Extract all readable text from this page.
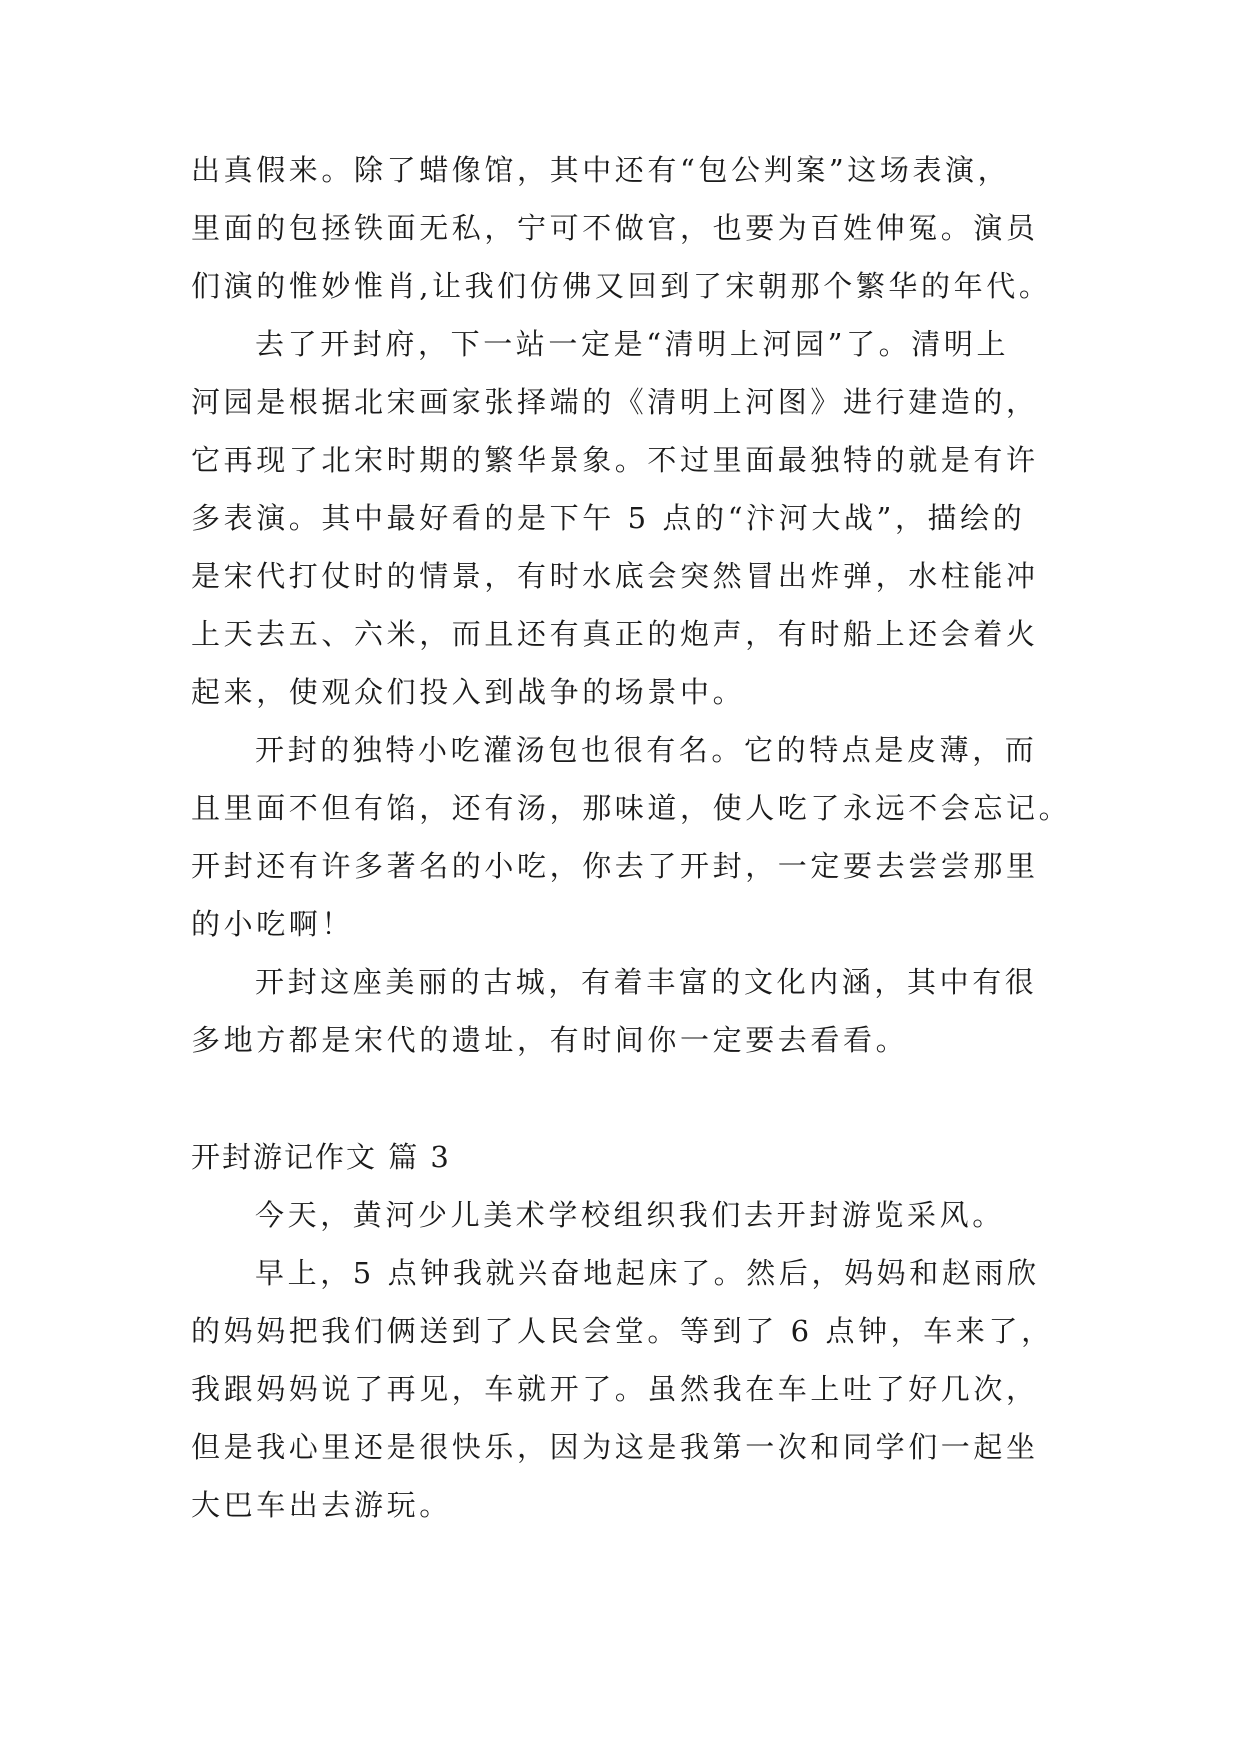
出真假来。除了蜡像馆，其中还有“包公判案”这场表演，
里面的包拯铁面无私，宁可不做官，也要为百姓伸冤。演员
们演的惟妙惟肖,让我们仿佛又回到了宋朝那个繁华的年代。
去了开封府，下一站一定是“清明上河园”了。清明上
河园是根据北宋画家张择端的《清明上河图》进行建造的，
它再现了北宋时期的繁华景象。不过里面最独特的就是有许
多表演。其中最好看的是下午 5 点的“汴河大战”，描绘的
是宋代打仗时的情景，有时水底会突然冒出炸弹，水柱能冲
上天去五、六米，而且还有真正的炮声，有时船上还会着火
起来，使观众们投入到战争的场景中。
开封的独特小吃灌汤包也很有名。它的特点是皮薄，而
且里面不但有馅，还有汤，那味道，使人吃了永远不会忘记。
开封还有许多著名的小吃，你去了开封，一定要去尝尝那里
的小吃啊！
开封这座美丽的古城，有着丰富的文化内涵，其中有很
多地方都是宋代的遗址，有时间你一定要去看看。
开封游记作文 篇 3
今天，黄河少儿美术学校组织我们去开封游览采风。
早上，5 点钟我就兴奋地起床了。然后，妈妈和赵雨欣
的妈妈把我们俩送到了人民会堂。等到了 6 点钟，车来了，
我跟妈妈说了再见，车就开了。虽然我在车上吐了好几次，
但是我心里还是很快乐，因为这是我第一次和同学们一起坐
大巴车出去游玩。
